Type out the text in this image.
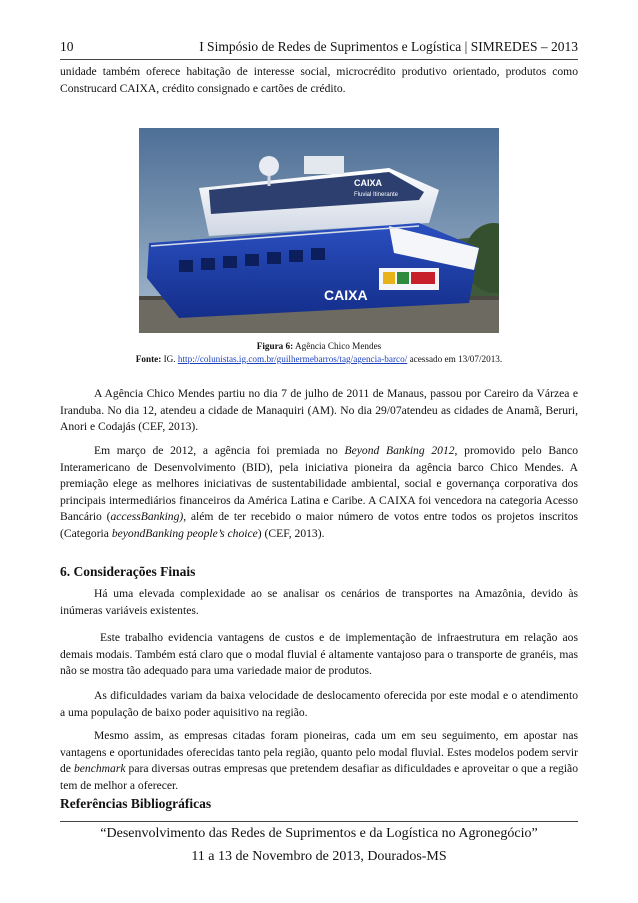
10	I Simpósio de Redes de Suprimentos e Logística | SIMREDES – 2013

unidade também oferece habitação de interesse social, microcrédito produtivo orientado, produtos como Construcard CAIXA, crédito consignado e cartões de crédito.

CAIXA
CAIXA
Fluvial Itinerante
Figura 6: Agência Chico Mendes
Fonte: IG. http://colunistas.ig.com.br/guilhermebarros/tag/agencia-barco/ acessado em 13/07/2013.

A Agência Chico Mendes partiu no dia 7 de julho de 2011 de Manaus, passou por Careiro da Várzea e Iranduba. No dia 12, atendeu a cidade de Manaquiri (AM). No dia 29/07atendeu as cidades de Anamã, Beruri, Anori e Codajás (CEF, 2013).

Em março de 2012, a agência foi premiada no Beyond Banking 2012, promovido pelo Banco Interamericano de Desenvolvimento (BID), pela iniciativa pioneira da agência barco Chico Mendes. A premiação elege as melhores iniciativas de sustentabilidade ambiental, social e governança corporativa dos principais intermediários financeiros da América Latina e Caribe. A CAIXA foi vencedora na categoria Acesso Bancário (accessBanking), além de ter recebido o maior número de votos entre todos os projetos inscritos (Categoria beyondBanking people’s choice) (CEF, 2013).

6. Considerações Finais

Há uma elevada complexidade ao se analisar os cenários de transportes na Amazônia, devido às inúmeras variáveis existentes.

Este trabalho evidencia vantagens de custos e de implementação de infraestrutura em relação aos demais modais. Também está claro que o modal fluvial é altamente vantajoso para o transporte de granéis, mas não se mostra tão adequado para uma variedade maior de produtos.

As dificuldades variam da baixa velocidade de deslocamento oferecida por este modal e o atendimento a uma população de baixo poder aquisitivo na região.

Mesmo assim, as empresas citadas foram pioneiras, cada um em seu seguimento, em apostar nas vantagens e oportunidades oferecidas tanto pela região, quanto pelo modal fluvial. Estes modelos podem servir de benchmark para diversas outras empresas que pretendem desafiar as dificuldades e aproveitar o que a região tem de melhor a oferecer.

Referências Bibliográficas
“Desenvolvimento das Redes de Suprimentos e da Logística no Agronegócio”
11 a 13 de Novembro de 2013, Dourados-MS
